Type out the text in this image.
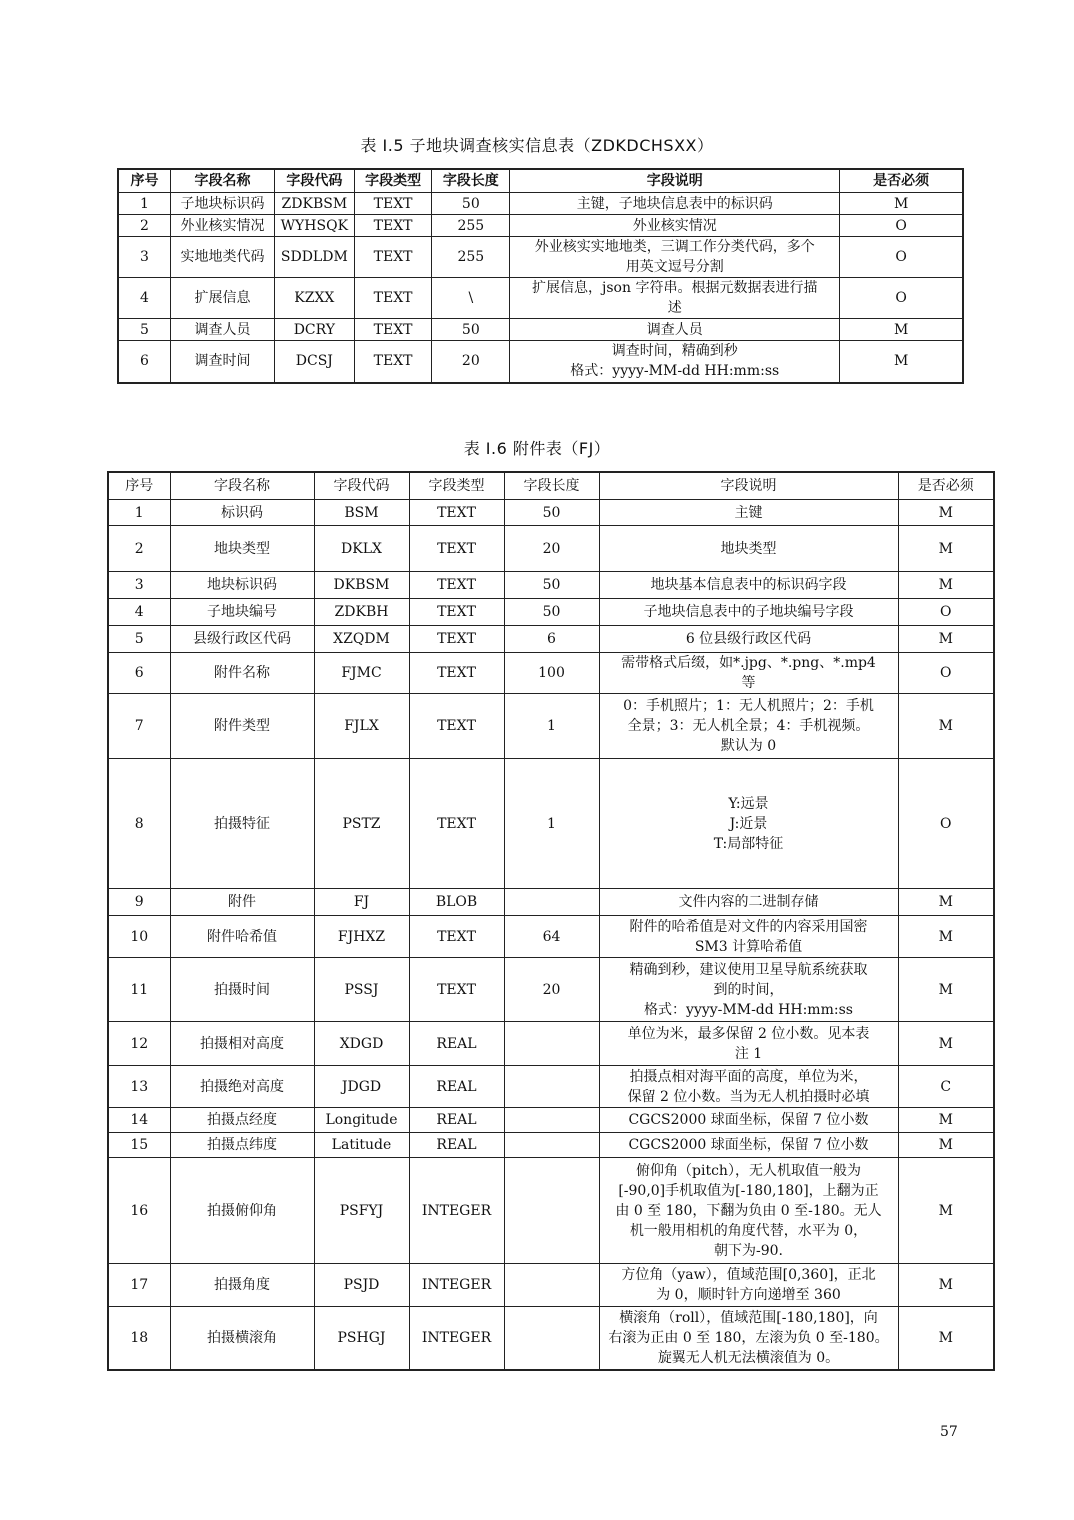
表 I.5 子地块调查核实信息表（ZDKDCHSXX）
序号	字段名称	字段代码	字段类型	字段长度	字段说明	是否必须
1	子地块标识码	ZDKBSM	TEXT	50	主键，子地块信息表中的标识码	M
2	外业核实情况	WYHSQK	TEXT	255	外业核实情况	O
3	实地地类代码	SDDLDM	TEXT	255	外业核实实地地类，三调工作分类代码，多个
用英文逗号分割	O
4	扩展信息	KZXX	TEXT	\	扩展信息，json 字符串。根据元数据表进行描
述	O
5	调查人员	DCRY	TEXT	50	调查人员	M
6	调查时间	DCSJ	TEXT	20	调查时间，精确到秒
格式：yyyy-MM-dd HH:mm:ss	M
表 I.6 附件表（FJ）
序号	字段名称	字段代码	字段类型	字段长度	字段说明	是否必须
1	标识码	BSM	TEXT	50	主键	M
2	地块类型	DKLX	TEXT	20	地块类型	M
3	地块标识码	DKBSM	TEXT	50	地块基本信息表中的标识码字段	M
4	子地块编号	ZDKBH	TEXT	50	子地块信息表中的子地块编号字段	O
5	县级行政区代码	XZQDM	TEXT	6	6 位县级行政区代码	M
6	附件名称	FJMC	TEXT	100	需带格式后缀，如*.jpg、*.png、*.mp4
等	O
7	附件类型	FJLX	TEXT	1	0：手机照片；1：无人机照片；2：手机
全景；3：无人机全景；4：手机视频。
默认为 0	M
8	拍摄特征	PSTZ	TEXT	1	Y:远景
J:近景
T:局部特征	O
9	附件	FJ	BLOB		文件内容的二进制存储	M
10	附件哈希值	FJHXZ	TEXT	64	附件的哈希值是对文件的内容采用国密
SM3 计算哈希值	M
11	拍摄时间	PSSJ	TEXT	20	精确到秒，建议使用卫星导航系统获取
到的时间，
格式：yyyy-MM-dd HH:mm:ss	M
12	拍摄相对高度	XDGD	REAL		单位为米，最多保留 2 位小数。见本表
注 1	M
13	拍摄绝对高度	JDGD	REAL		拍摄点相对海平面的高度，单位为米，
保留 2 位小数。当为无人机拍摄时必填	C
14	拍摄点经度	Longitude	REAL		CGCS2000 球面坐标，保留 7 位小数	M
15	拍摄点纬度	Latitude	REAL		CGCS2000 球面坐标，保留 7 位小数	M
16	拍摄俯仰角	PSFYJ	INTEGER		俯仰角（pitch），无人机取值一般为
[-90,0]手机取值为[-180,180]，上翻为正
由 0 至 180，下翻为负由 0 至-180。无人
机一般用相机的角度代替，水平为 0，
朝下为-90.	M
17	拍摄角度	PSJD	INTEGER		方位角（yaw），值域范围[0,360]，正北
为 0，顺时针方向递增至 360	M
18	拍摄横滚角	PSHGJ	INTEGER		横滚角（roll），值域范围[-180,180]，向
右滚为正由 0 至 180，左滚为负 0 至-180。
旋翼无人机无法横滚值为 0。	M
57
